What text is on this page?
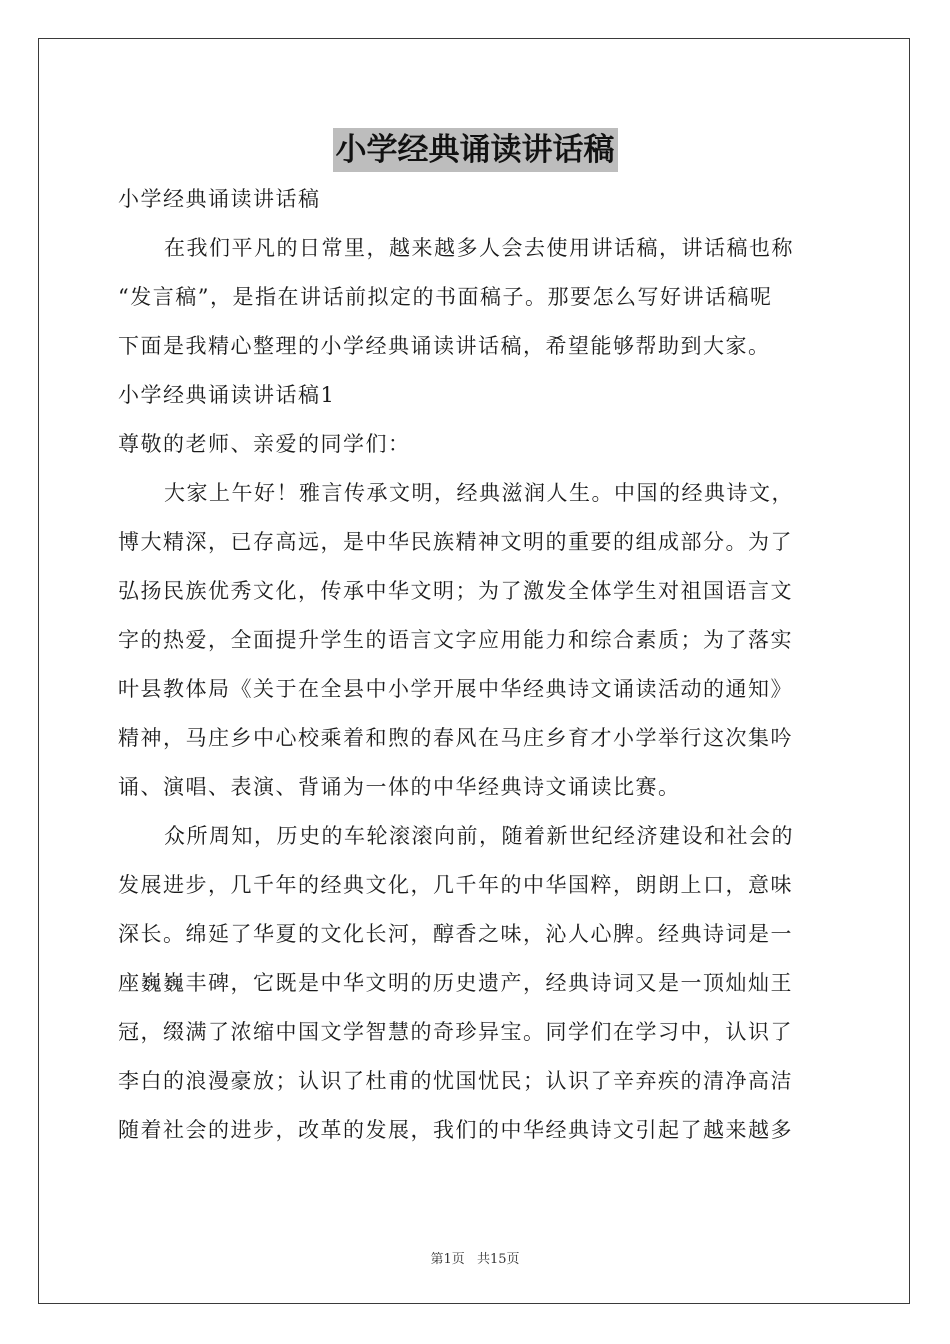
小学经典诵读讲话稿
小学经典诵读讲话稿
在我们平凡的日常里，越来越多人会去使用讲话稿，讲话稿也称
“发言稿”，是指在讲话前拟定的书面稿子。那要怎么写好讲话稿呢
下面是我精心整理的小学经典诵读讲话稿，希望能够帮助到大家。
小学经典诵读讲话稿1
尊敬的老师、亲爱的同学们：
大家上午好！雅言传承文明，经典滋润人生。中国的经典诗文，
博大精深，已存高远，是中华民族精神文明的重要的组成部分。为了
弘扬民族优秀文化，传承中华文明；为了激发全体学生对祖国语言文
字的热爱，全面提升学生的语言文字应用能力和综合素质；为了落实
叶县教体局《关于在全县中小学开展中华经典诗文诵读活动的通知》
精神，马庄乡中心校乘着和煦的春风在马庄乡育才小学举行这次集吟
诵、演唱、表演、背诵为一体的中华经典诗文诵读比赛。
众所周知，历史的车轮滚滚向前，随着新世纪经济建设和社会的
发展进步，几千年的经典文化，几千年的中华国粹，朗朗上口，意味
深长。绵延了华夏的文化长河，醇香之味，沁人心脾。经典诗词是一
座巍巍丰碑，它既是中华文明的历史遗产，经典诗词又是一顶灿灿王
冠，缀满了浓缩中国文学智慧的奇珍异宝。同学们在学习中，认识了
李白的浪漫豪放；认识了杜甫的忧国忧民；认识了辛弃疾的清净高洁
随着社会的进步，改革的发展，我们的中华经典诗文引起了越来越多
第1页 共15页
